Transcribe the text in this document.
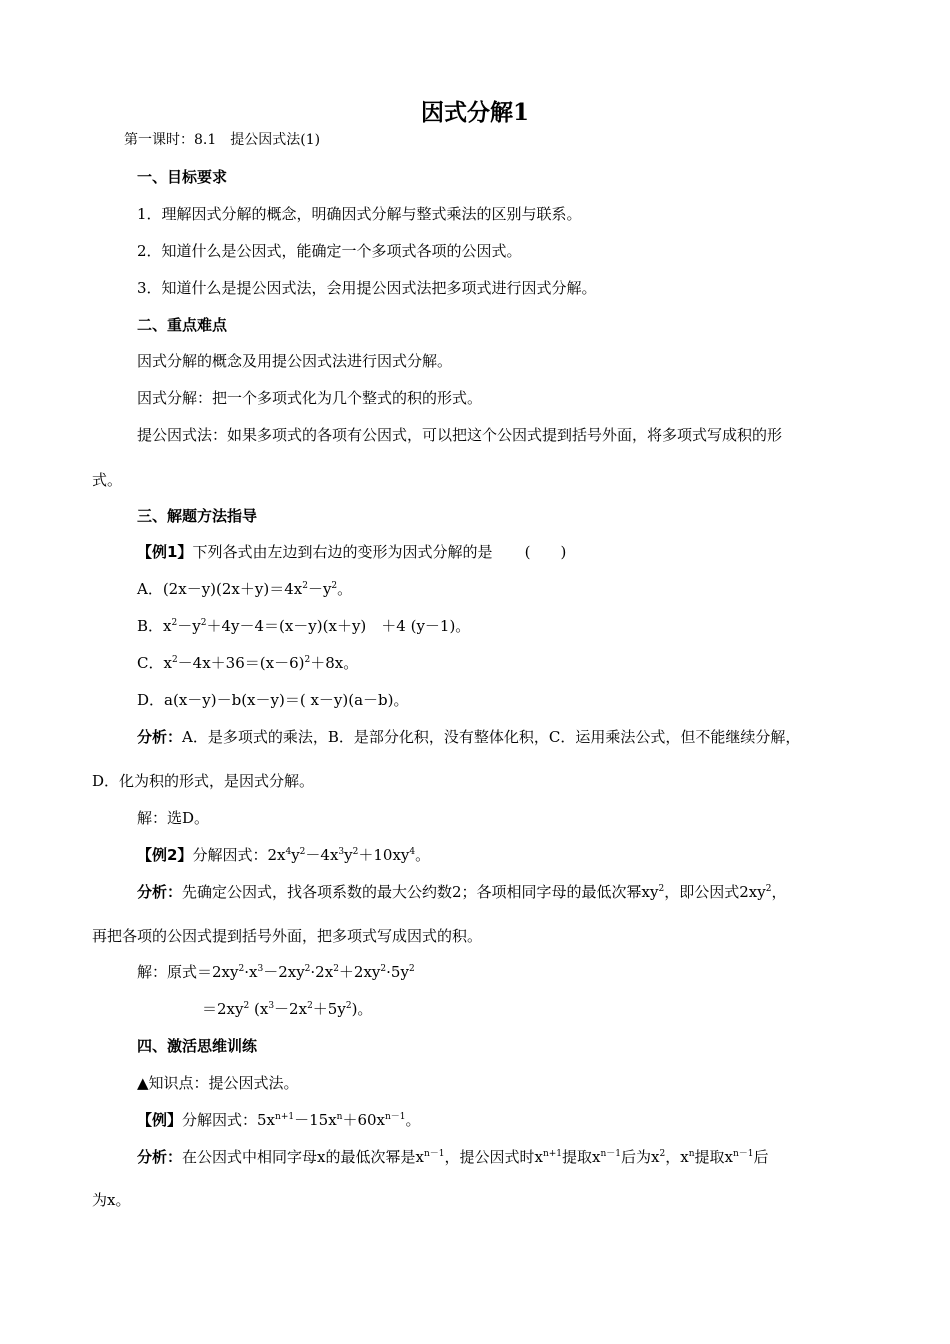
因式分解1
第一课时：8.1　提公因式法(1)
一、目标要求
1．理解因式分解的概念，明确因式分解与整式乘法的区别与联系。
2．知道什么是公因式，能确定一个多项式各项的公因式。
3．知道什么是提公因式法，会用提公因式法把多项式进行因式分解。
二、重点难点
因式分解的概念及用提公因式法进行因式分解。
因式分解：把一个多项式化为几个整式的积的形式。
提公因式法：如果多项式的各项有公因式，可以把这个公因式提到括号外面，将多项式写成积的形
式。
三、解题方法指导
【例1】下列各式由左边到右边的变形为因式分解的是 (　　)
A．$(2x-y)(2x+y)=4x^2-y^2$。
B．$x^2-y^2+4y-4=(x-y)(x+y)$　＋4 (y－1)。
C．$x^2-4x+36=(x-6)^2+8x$。
D．a(x－y)－b(x－y)＝( x－y)(a－b)。
分析：A．是多项式的乘法，B．是部分化积，没有整体化积，C．运用乘法公式，但不能继续分解，
D．化为积的形式，是因式分解。
解：选D。
【例2】分解因式：$2x^4y^2-4x^3y^2+10xy^4$。
分析：先确定公因式，找各项系数的最大公约数2；各项相同字母的最低次幂$xy^2$，即公因式$2xy^2$，
再把各项的公因式提到括号外面，把多项式写成因式的积。
解：原式$=2xy^2\cdot x^3-2xy^2\cdot 2x^2+2xy^2\cdot 5y^2$
$=2xy^2$ $(x^3-2x^2+5y^2)$。
四、激活思维训练
▲知识点：提公因式法。
【例】分解因式：$5x^{n+1}-15x^n+60x^{n-1}$。
分析：在公因式中相同字母x的最低次幂是$x^{n-1}$，提公因式时$x^{n+1}$提取$x^{n-1}$后为$x^2$，$x^n$提取$x^{n-1}$后
为x。
